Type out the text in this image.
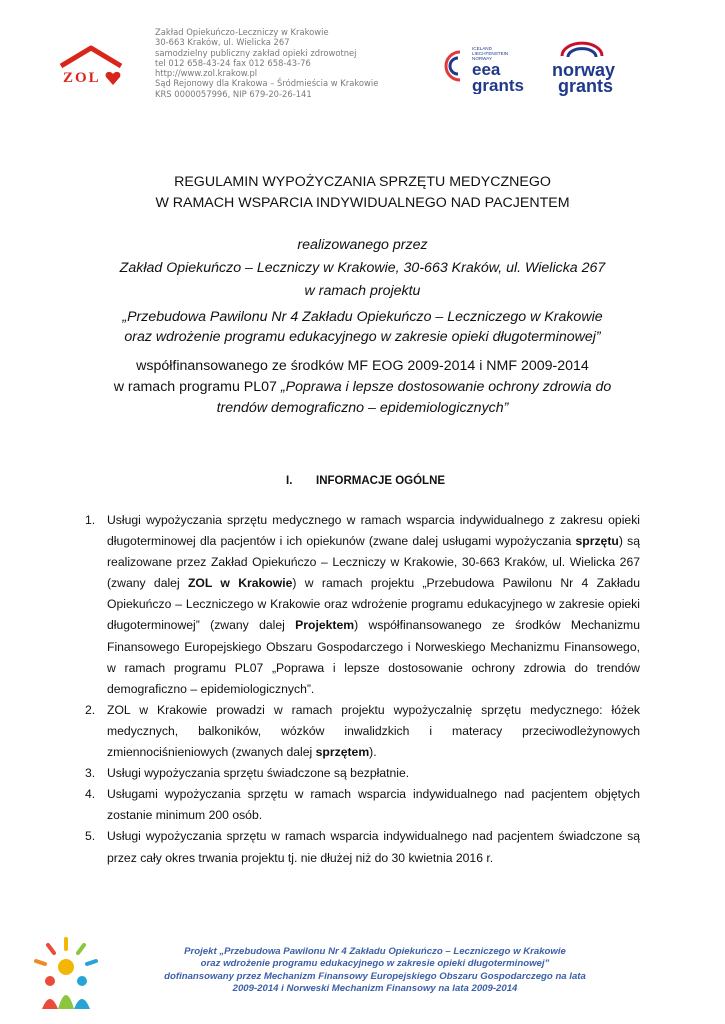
ZOL
Zakład Opiekuńczo-Leczniczy w Krakowie
30-663 Kraków, ul. Wielicka 267
samodzielny publiczny zakład opieki zdrowotnej
tel 012 658-43-24 fax 012 658-43-76
http://www.zol.krakow.pl
Sąd Rejonowy dla Krakowa – Śródmieścia w Krakowie
KRS 0000057996, NIP 679-20-26-141
ICELAND
LIECHTENSTEIN
NORWAY
eea
grants
norway
grants
REGULAMIN WYPOŻYCZANIA SPRZĘTU MEDYCZNEGO
W RAMACH WSPARCIA INDYWIDUALNEGO NAD PACJENTEM
realizowanego przez
Zakład Opiekuńczo – Leczniczy w Krakowie, 30-663 Kraków, ul. Wielicka 267
w ramach projektu
„Przebudowa Pawilonu Nr 4 Zakładu Opiekuńczo – Leczniczego w Krakowie
oraz wdrożenie programu edukacyjnego w zakresie opieki długoterminowej”
współfinansowanego ze środków MF EOG 2009-2014 i NMF 2009-2014
w ramach programu PL07 „Poprawa i lepsze dostosowanie ochrony zdrowia do
trendów demograficzno – epidemiologicznych”
I. INFORMACJE OGÓLNE
1. Usługi wypożyczania sprzętu medycznego w ramach wsparcia indywidualnego z zakresu opieki długoterminowej dla pacjentów i ich opiekunów (zwane dalej usługami wypożyczania sprzętu) są realizowane przez Zakład Opiekuńczo – Leczniczy w Krakowie, 30-663 Kraków, ul. Wielicka 267 (zwany dalej ZOL w Krakowie) w ramach projektu „Przebudowa Pawilonu Nr 4 Zakładu Opiekuńczo – Leczniczego w Krakowie oraz wdrożenie programu edukacyjnego w zakresie opieki długoterminowej” (zwany dalej Projektem) współfinansowanego ze środków Mechanizmu Finansowego Europejskiego Obszaru Gospodarczego i Norweskiego Mechanizmu Finansowego, w ramach programu PL07 „Poprawa i lepsze dostosowanie ochrony zdrowia do trendów demograficzno – epidemiologicznych”.

2. ZOL w Krakowie prowadzi w ramach projektu wypożyczalnię sprzętu medycznego: łóżek medycznych, balkoników, wózków inwalidzkich i materacy przeciwodleżynowych zmiennociśnieniowych (zwanych dalej sprzętem).

3. Usługi wypożyczania sprzętu świadczone są bezpłatnie.

4. Usługami wypożyczania sprzętu w ramach wsparcia indywidualnego nad pacjentem objętych zostanie minimum 200 osób.

5. Usługi wypożyczania sprzętu w ramach wsparcia indywidualnego nad pacjentem świadczone są przez cały okres trwania projektu tj. nie dłużej niż do 30 kwietnia 2016 r.

Projekt „Przebudowa Pawilonu Nr 4 Zakładu Opiekuńczo – Leczniczego w Krakowie
oraz wdrożenie programu edukacyjnego w zakresie opieki długoterminowej”
dofinansowany przez Mechanizm Finansowy Europejskiego Obszaru Gospodarczego na lata
2009-2014 i Norweski Mechanizm Finansowy na lata 2009-2014
